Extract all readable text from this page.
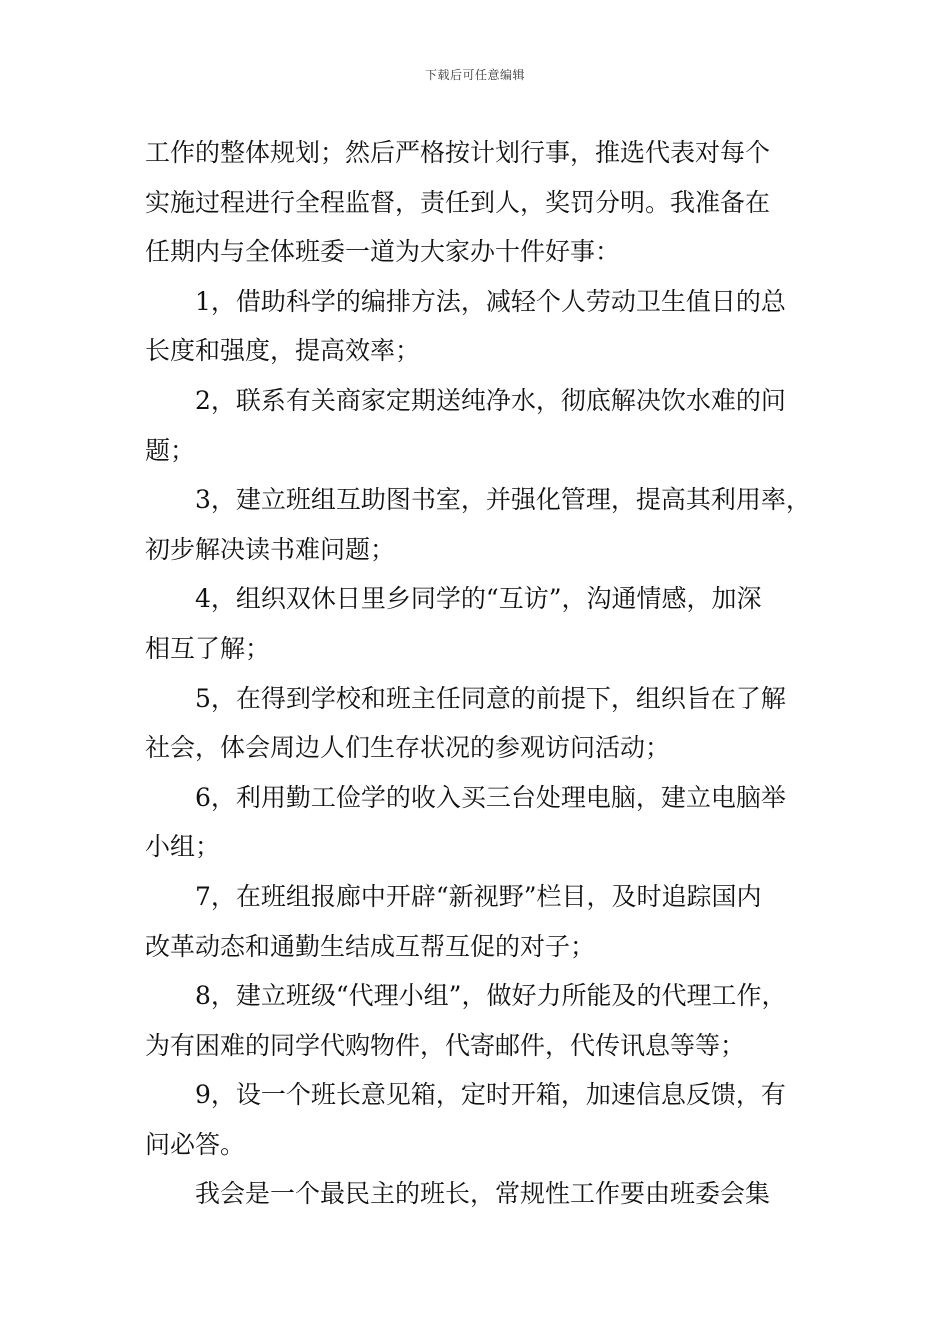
下载后可任意编辑
工作的整体规划；然后严格按计划行事，推选代表对每个
实施过程进行全程监督，责任到人，奖罚分明。我准备在
任期内与全体班委一道为大家办十件好事：
1，借助科学的编排方法，减轻个人劳动卫生值日的总
长度和强度，提高效率；
2，联系有关商家定期送纯净水，彻底解决饮水难的问
题；
3，建立班组互助图书室，并强化管理，提高其利用率，
初步解决读书难问题；
4，组织双休日里乡同学的“互访”，沟通情感，加深
相互了解；
5，在得到学校和班主任同意的前提下，组织旨在了解
社会，体会周边人们生存状况的参观访问活动；
6，利用勤工俭学的收入买三台处理电脑，建立电脑举
小组；
7，在班组报廊中开辟“新视野”栏目，及时追踪国内
改革动态和通勤生结成互帮互促的对子；
8，建立班级“代理小组”，做好力所能及的代理工作，
为有困难的同学代购物件，代寄邮件，代传讯息等等；
9，设一个班长意见箱，定时开箱，加速信息反馈，有
问必答。
我会是一个最民主的班长，常规性工作要由班委会集
